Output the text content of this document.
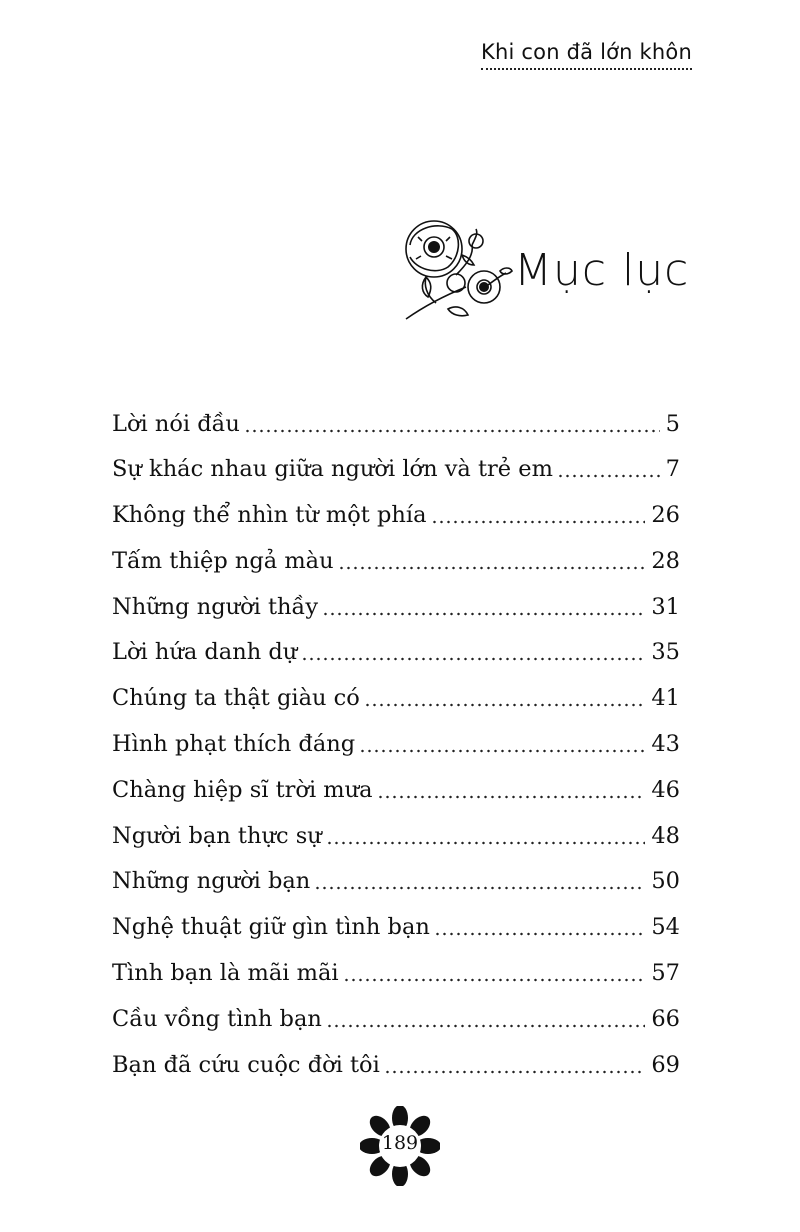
Khi con đã lớn khôn
Mục lục
Lời nói đầu	5
Sự khác nhau giữa người lớn và trẻ em	7
Không thể nhìn từ một phía	26
Tấm thiệp ngả màu	28
Những người thầy	31
Lời hứa danh dự	35
Chúng ta thật giàu có	41
Hình phạt thích đáng	43
Chàng hiệp sĩ trời mưa	46
Người bạn thực sự	48
Những người bạn	50
Nghệ thuật giữ gìn tình bạn	54
Tình bạn là mãi mãi	57
Cầu vồng tình bạn	66
Bạn đã cứu cuộc đời tôi	69
189
